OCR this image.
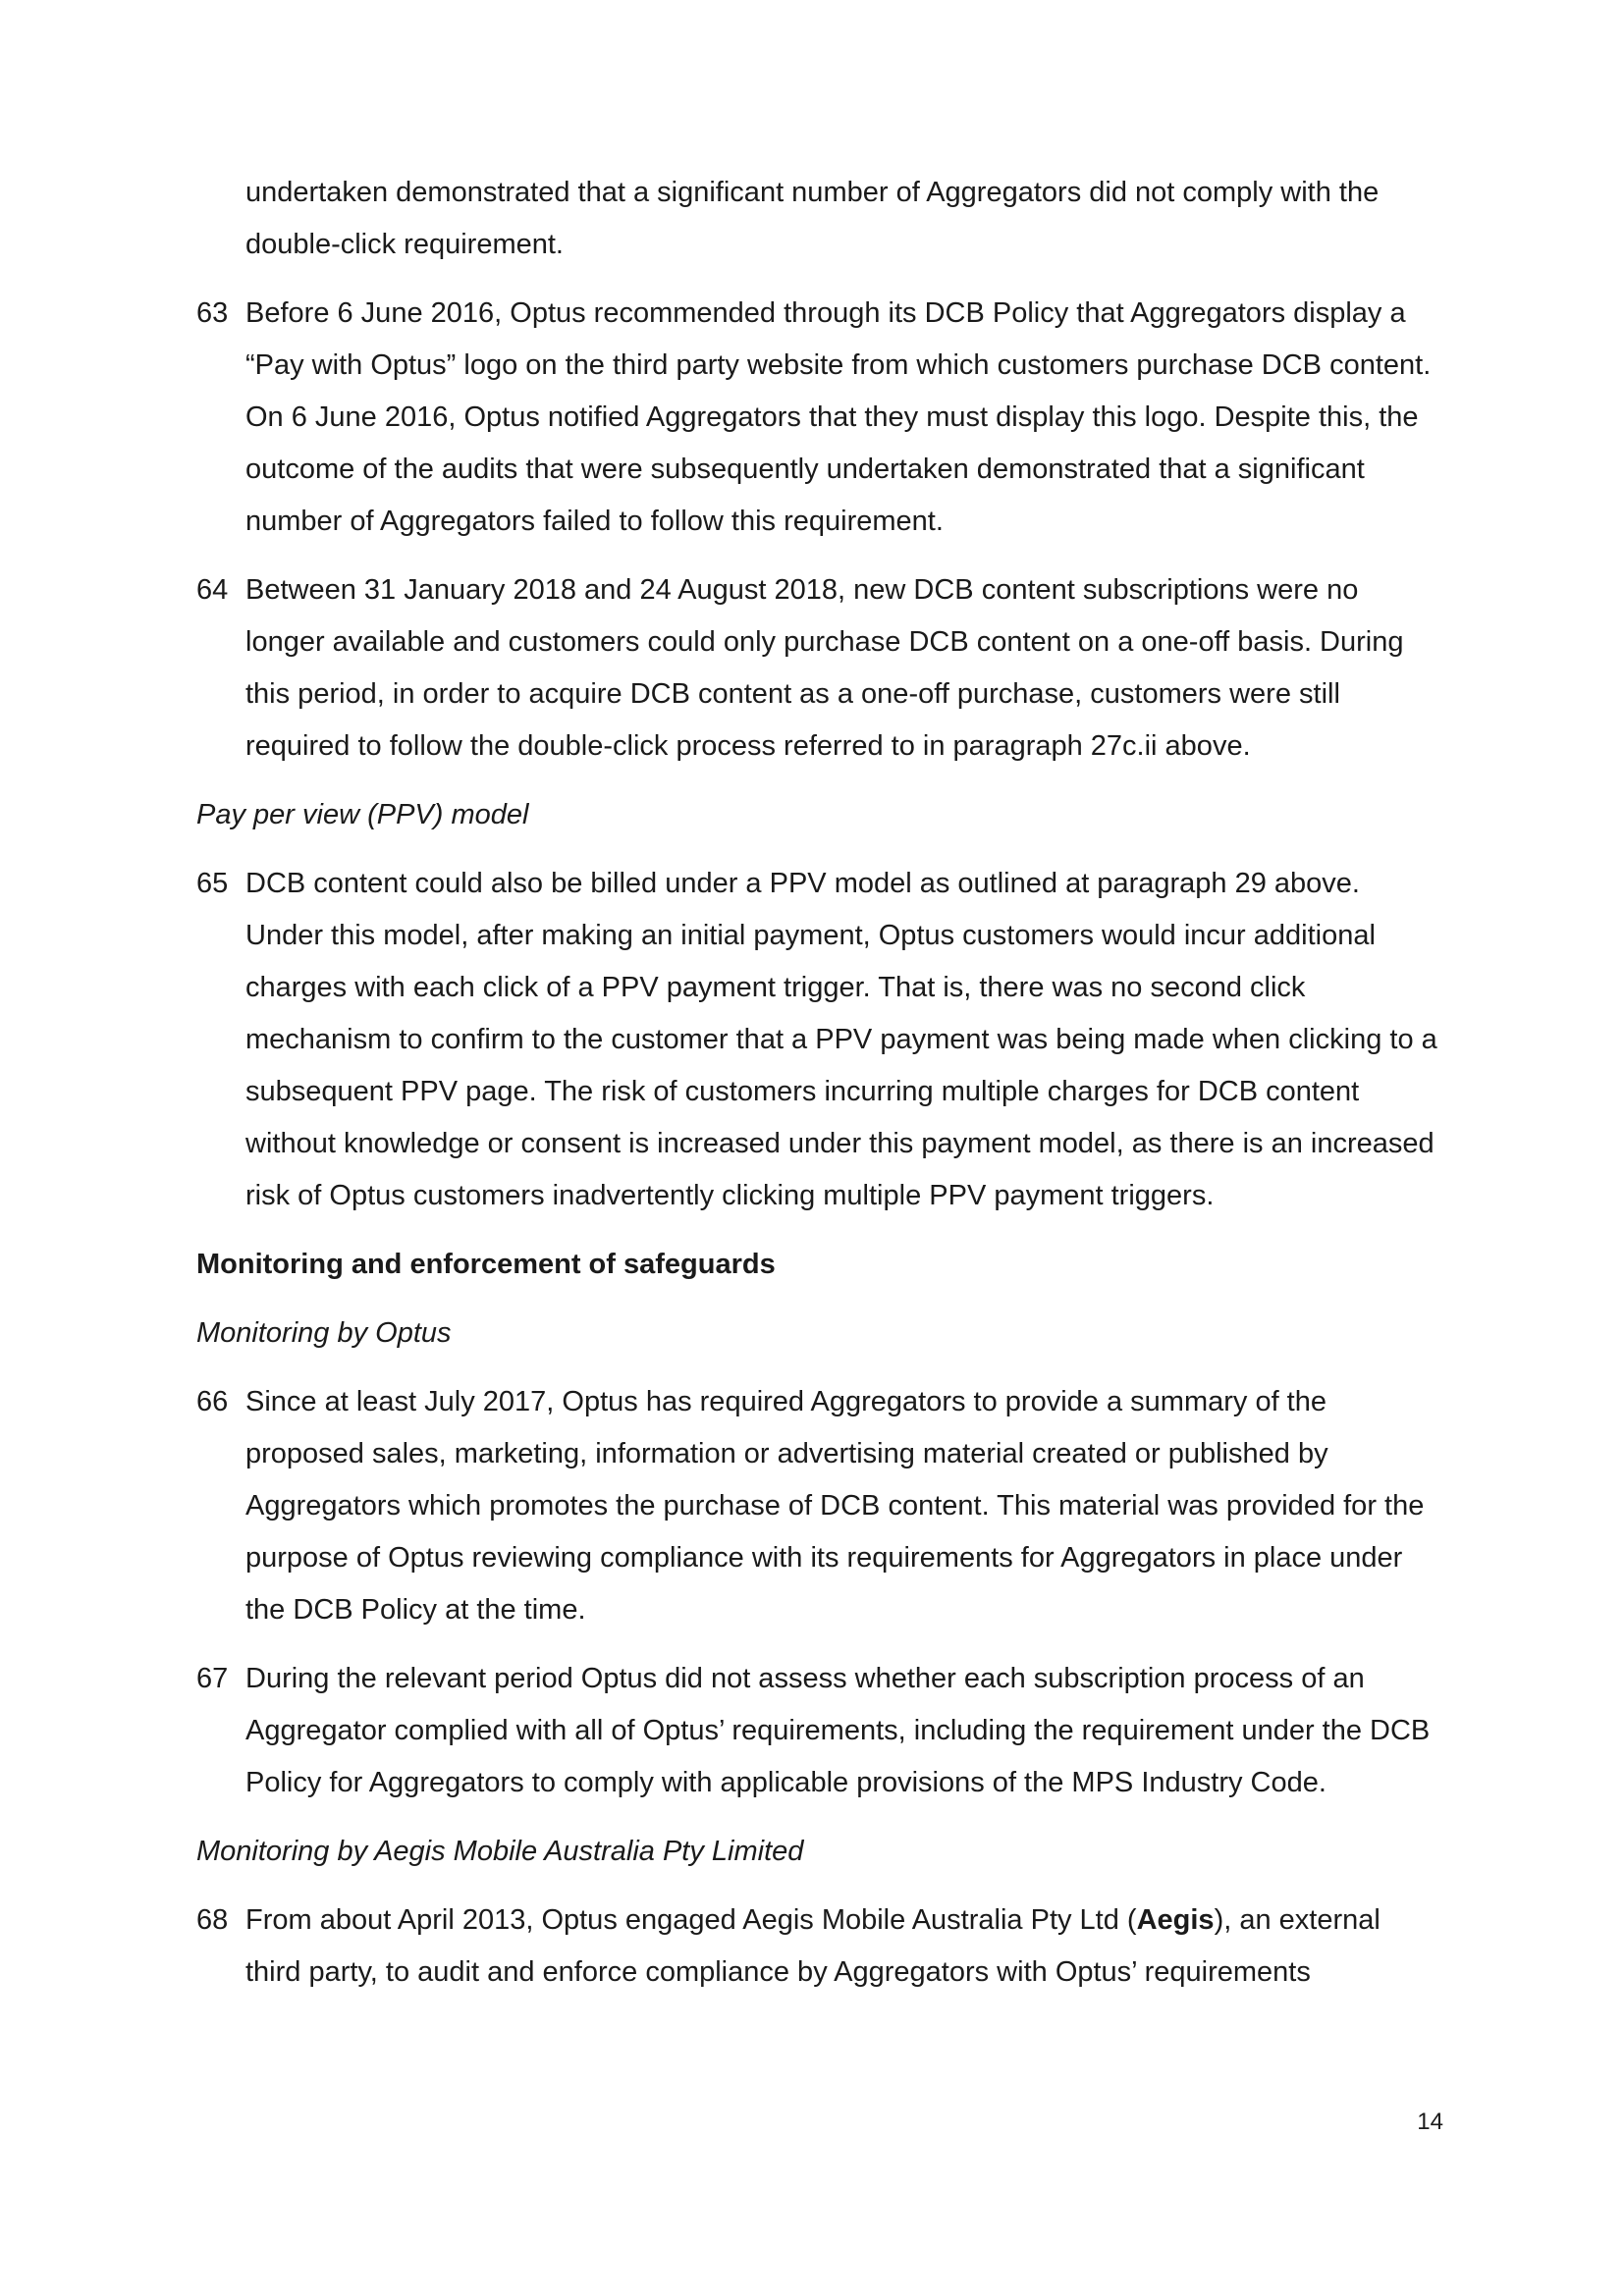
undertaken demonstrated that a significant number of Aggregators did not comply with the double-click requirement.

63 Before 6 June 2016, Optus recommended through its DCB Policy that Aggregators display a “Pay with Optus” logo on the third party website from which customers purchase DCB content. On 6 June 2016, Optus notified Aggregators that they must display this logo. Despite this, the outcome of the audits that were subsequently undertaken demonstrated that a significant number of Aggregators failed to follow this requirement.
64 Between 31 January 2018 and 24 August 2018, new DCB content subscriptions were no longer available and customers could only purchase DCB content on a one-off basis. During this period, in order to acquire DCB content as a one-off purchase, customers were still required to follow the double-click process referred to in paragraph 27c.ii above.

Pay per view (PPV) model

65 DCB content could also be billed under a PPV model as outlined at paragraph 29 above. Under this model, after making an initial payment, Optus customers would incur additional charges with each click of a PPV payment trigger. That is, there was no second click mechanism to confirm to the customer that a PPV payment was being made when clicking to a subsequent PPV page. The risk of customers incurring multiple charges for DCB content without knowledge or consent is increased under this payment model, as there is an increased risk of Optus customers inadvertently clicking multiple PPV payment triggers.

Monitoring and enforcement of safeguards

Monitoring by Optus

66 Since at least July 2017, Optus has required Aggregators to provide a summary of the proposed sales, marketing, information or advertising material created or published by Aggregators which promotes the purchase of DCB content. This material was provided for the purpose of Optus reviewing compliance with its requirements for Aggregators in place under the DCB Policy at the time.
67 During the relevant period Optus did not assess whether each subscription process of an Aggregator complied with all of Optus’ requirements, including the requirement under the DCB Policy for Aggregators to comply with applicable provisions of the MPS Industry Code.

Monitoring by Aegis Mobile Australia Pty Limited

68 From about April 2013, Optus engaged Aegis Mobile Australia Pty Ltd (Aegis), an external third party, to audit and enforce compliance by Aggregators with Optus’ requirements
14
